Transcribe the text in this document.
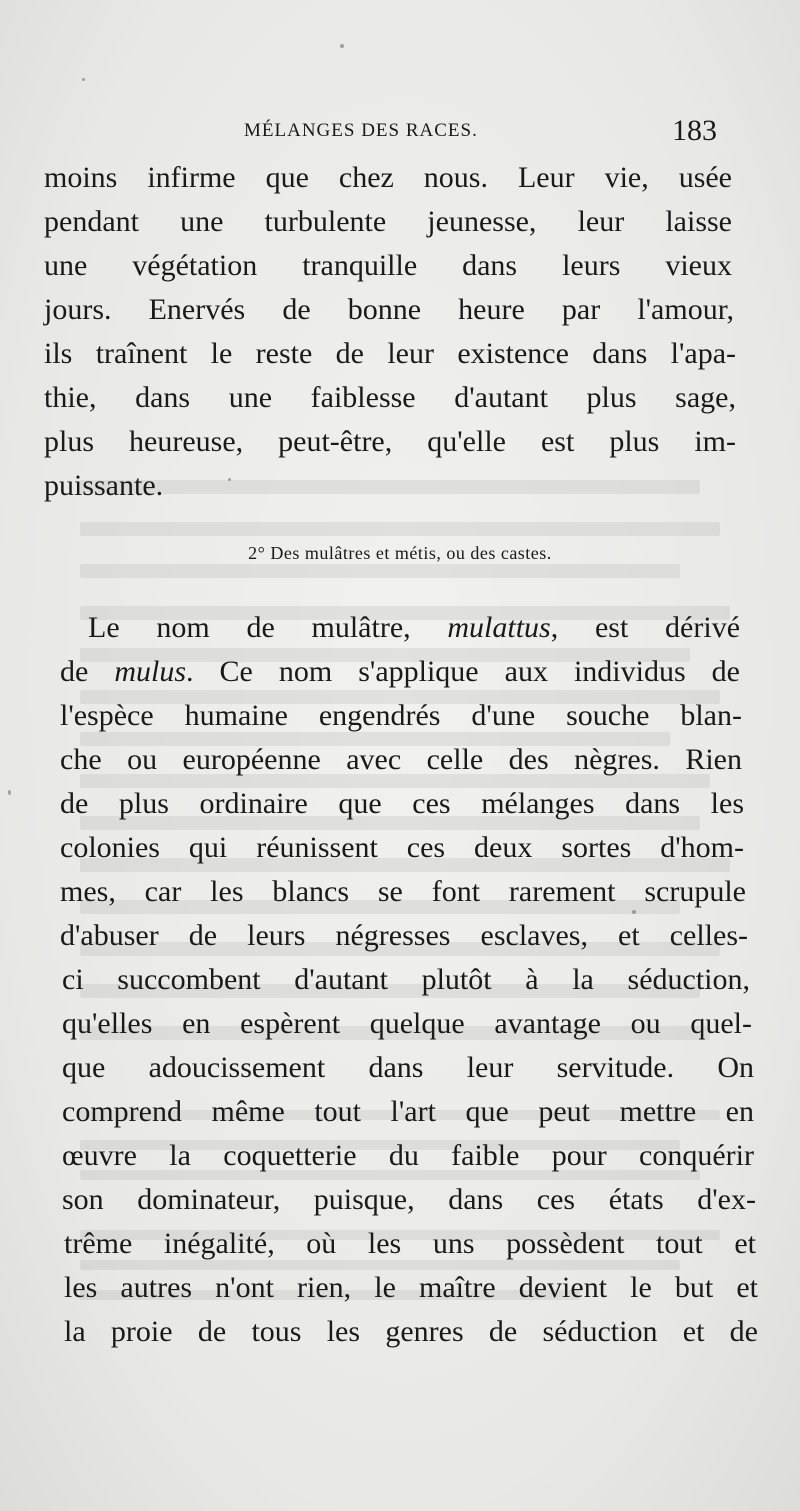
MÉLANGES DES RACES.	183
moins infirme que chez nous. Leur vie, usée
pendant une turbulente jeunesse, leur laisse
une végétation tranquille dans leurs vieux
jours. Enervés de bonne heure par l'amour,
ils traînent le reste de leur existence dans l'apa-
thie, dans une faiblesse d'autant plus sage,
plus heureuse, peut-être, qu'elle est plus im-
puissante.
2° Des mulâtres et métis, ou des castes.
Le nom de mulâtre, mulattus, est dérivé
de mulus. Ce nom s'applique aux individus de
l'espèce humaine engendrés d'une souche blan-
che ou européenne avec celle des nègres. Rien
de plus ordinaire que ces mélanges dans les
colonies qui réunissent ces deux sortes d'hom-
mes, car les blancs se font rarement scrupule
d'abuser de leurs négresses esclaves, et celles-
ci succombent d'autant plutôt à la séduction,
qu'elles en espèrent quelque avantage ou quel-
que adoucissement dans leur servitude. On
comprend même tout l'art que peut mettre en
œuvre la coquetterie du faible pour conquérir
son dominateur, puisque, dans ces états d'ex-
trême inégalité, où les uns possèdent tout et
les autres n'ont rien, le maître devient le but et
la proie de tous les genres de séduction et de
